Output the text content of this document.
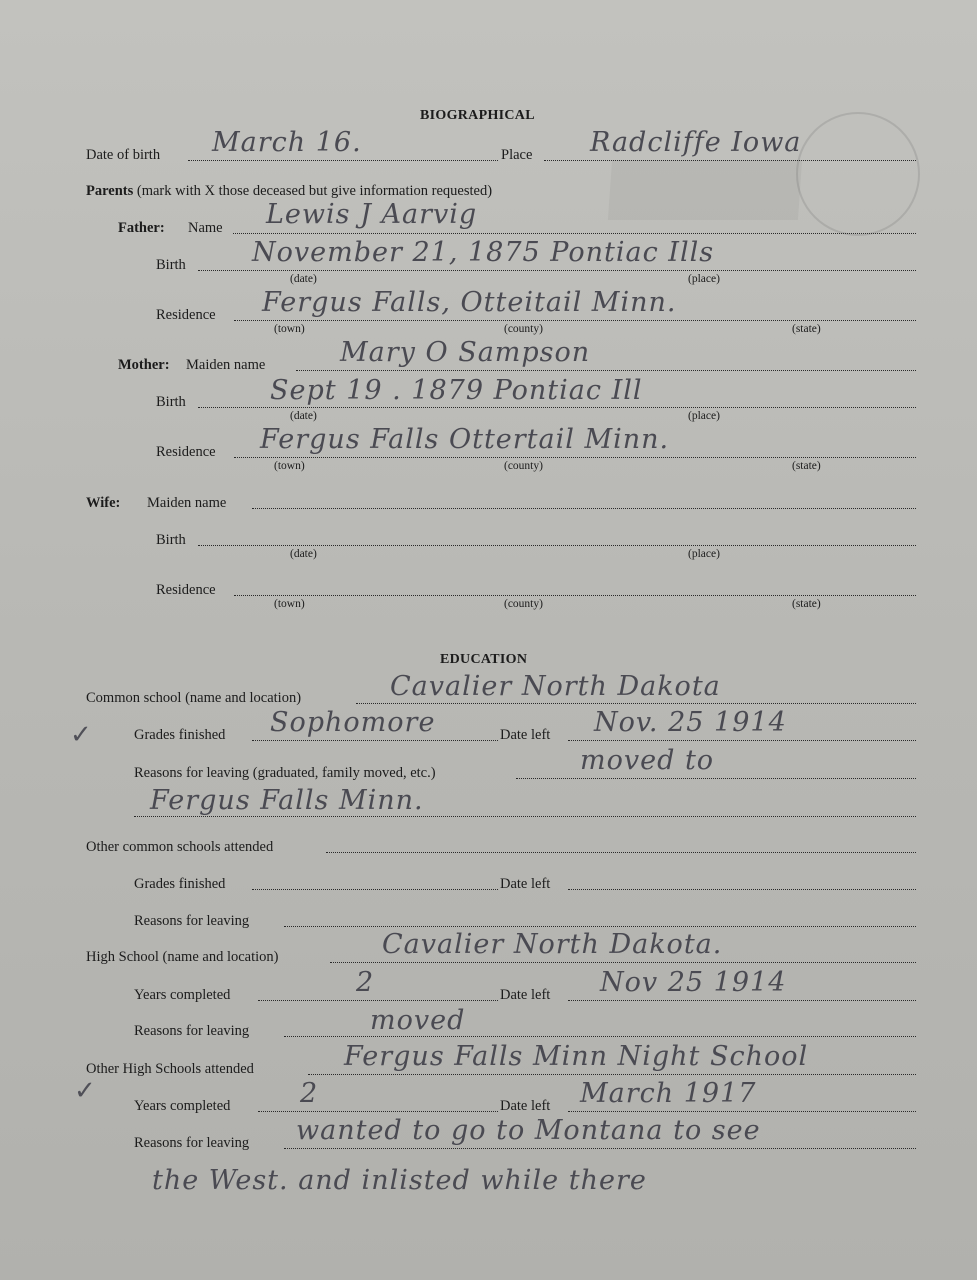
BIOGRAPHICAL
Date of birth March 16.	Place Radcliffe Iowa
Parents (mark with X those deceased but give information requested)
Father: Name Lewis J Aarvig
Birth November 21, 1875 Pontiac Ills
(date)	(place)
Residence Fergus Falls, Otteitail Minn.
(town)	(county)	(state)
Mother: Maiden name	Mary O Sampson
Birth	Sept 19 . 1879 Pontiac Ill
(date)	(place)
Residence Fergus Falls Ottertail Minn.
(town)	(county)	(state)
Wife: Maiden name
Birth
(date)	(place)
Residence
(town)	(county)	(state)
EDUCATION
Common school (name and location)	Cavalier North Dakota
✓	Grades finished Sophomore	Date left Nov. 25 1914
Reasons for leaving (graduated, family moved, etc.)	moved to
Fergus Falls Minn.
Other common schools attended
Grades finished	Date left
Reasons for leaving
High School (name and location)	Cavalier North Dakota.
Years completed	2	Date left Nov 25 1914
Reasons for leaving	moved
Other High Schools attended	Fergus Falls Minn Night School
✓	Years completed	2	Date left March 1917
Reasons for leaving wanted to go to Montana to see
the West. and inlisted while there
